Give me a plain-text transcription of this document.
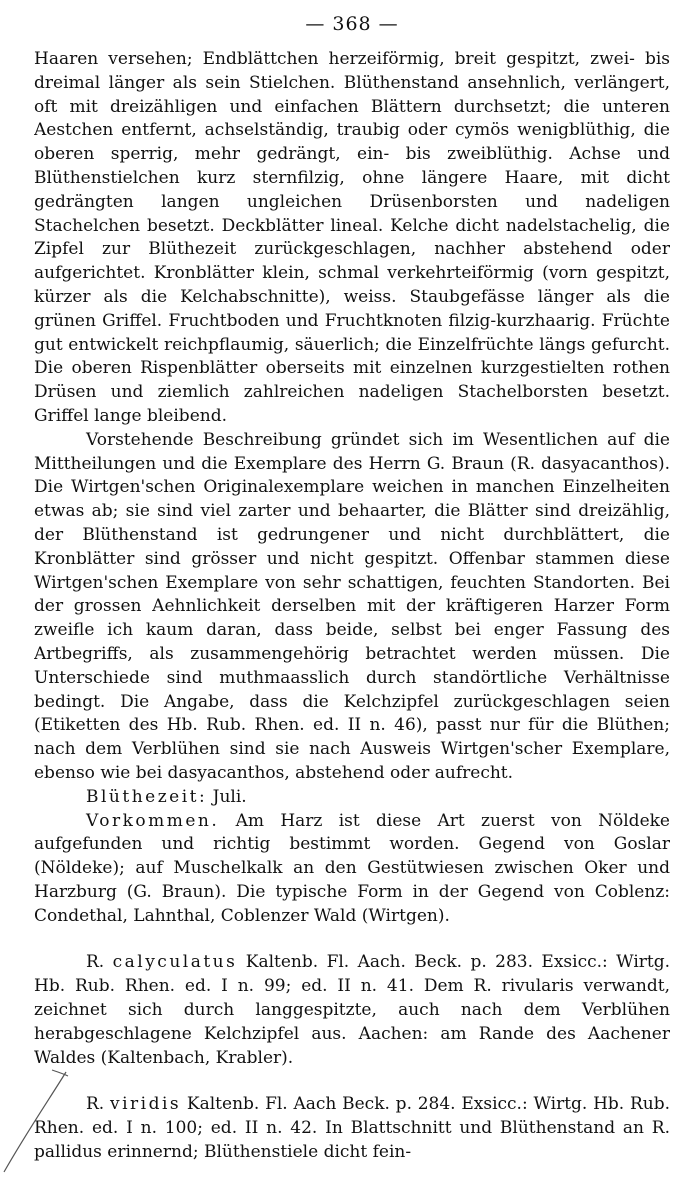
— 368 —

Haaren versehen; Endblättchen herzeiförmig, breit gespitzt, zwei- bis dreimal länger als sein Stielchen. Blüthenstand ansehnlich, verlängert, oft mit dreizähligen und einfachen Blättern durchsetzt; die unteren Aestchen entfernt, achselständig, traubig oder cymös wenigblüthig, die oberen sperrig, mehr gedrängt, ein- bis zweiblüthig. Achse und Blüthenstielchen kurz sternfilzig, ohne längere Haare, mit dicht gedrängten langen ungleichen Drüsenborsten und nadeligen Stachelchen besetzt. Deckblätter lineal. Kelche dicht nadelstachelig, die Zipfel zur Blüthezeit zurückgeschlagen, nachher abstehend oder aufgerichtet. Kronblätter klein, schmal verkehrteiförmig (vorn gespitzt, kürzer als die Kelchabschnitte), weiss. Staubgefässe länger als die grünen Griffel. Fruchtboden und Fruchtknoten filzig-kurzhaarig. Früchte gut entwickelt reichpflaumig, säuerlich; die Einzelfrüchte längs gefurcht. Die oberen Rispenblätter oberseits mit einzelnen kurzgestielten rothen Drüsen und ziemlich zahlreichen nadeligen Stachelborsten besetzt. Griffel lange bleibend.

Vorstehende Beschreibung gründet sich im Wesentlichen auf die Mittheilungen und die Exemplare des Herrn G. Braun (R. dasyacanthos). Die Wirtgen'schen Originalexemplare weichen in manchen Einzelheiten etwas ab; sie sind viel zarter und behaarter, die Blätter sind dreizählig, der Blüthenstand ist gedrungener und nicht durchblättert, die Kronblätter sind grösser und nicht gespitzt. Offenbar stammen diese Wirtgen'schen Exemplare von sehr schattigen, feuchten Standorten. Bei der grossen Aehnlichkeit derselben mit der kräftigeren Harzer Form zweifle ich kaum daran, dass beide, selbst bei enger Fassung des Artbegriffs, als zusammengehörig betrachtet werden müssen. Die Unterschiede sind muthmaasslich durch standörtliche Verhältnisse bedingt. Die Angabe, dass die Kelchzipfel zurückgeschlagen seien (Etiketten des Hb. Rub. Rhen. ed. II n. 46), passt nur für die Blüthen; nach dem Verblühen sind sie nach Ausweis Wirtgen'scher Exemplare, ebenso wie bei dasyacanthos, abstehend oder aufrecht.

Blüthezeit: Juli.

Vorkommen. Am Harz ist diese Art zuerst von Nöldeke aufgefunden und richtig bestimmt worden. Gegend von Goslar (Nöldeke); auf Muschelkalk an den Gestütwiesen zwischen Oker und Harzburg (G. Braun). Die typische Form in der Gegend von Coblenz: Condethal, Lahnthal, Coblenzer Wald (Wirtgen).

R. calyculatus Kaltenb. Fl. Aach. Beck. p. 283. Exsicc.: Wirtg. Hb. Rub. Rhen. ed. I n. 99; ed. II n. 41. Dem R. rivularis verwandt, zeichnet sich durch langgespitzte, auch nach dem Verblühen herabgeschlagene Kelchzipfel aus. Aachen: am Rande des Aachener Waldes (Kaltenbach, Krabler).

R. viridis Kaltenb. Fl. Aach Beck. p. 284. Exsicc.: Wirtg. Hb. Rub. Rhen. ed. I n. 100; ed. II n. 42. In Blattschnitt und Blüthenstand an R. pallidus erinnernd; Blüthenstiele dicht fein-
